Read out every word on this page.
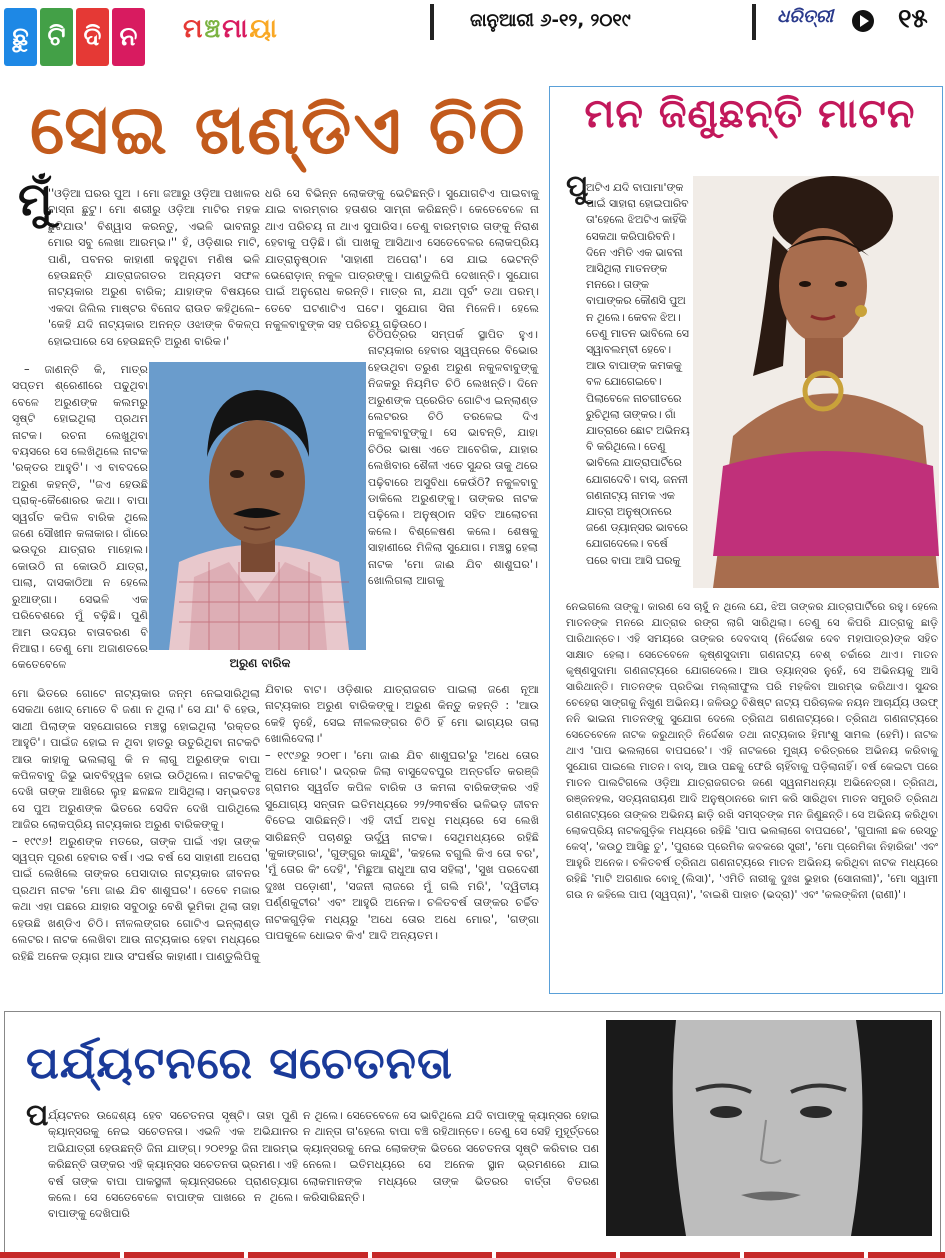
ଛୁ ଟି ଦି ନ ମଞ୍ଚମାୟା	ଜାନୁଆରୀ ୬-୧୨, ୨୦୧୯	ଧରିତ୍ରୀ ୧୫
ସେଇ ଖଣ୍ଡିଏ ଚିଠି
ମୁଁ

''ଓଡ଼ିଆ ଘରର ପୁଅ । ମୋ ଜଆରୁ ଓଡ଼ିଆ ପଖାଳର ବାସ୍ନା ଛୁଟୁ। ମୋ ଶରୀରୁ ଓଡ଼ିଆ ମାଟିର ମହକ ଛୁଟିଯାଉ' ବିଶ୍ୱାସ କରନ୍ତୁ, ଏଭଳି ଭାବନାରୁ ମୋର ସବୁ ଲେଖା ଆରମ୍ଭ।'' ହଁ, ଓଡ଼ିଶାର ମାଟି, ପାଣି, ପବନର କାହାଣୀ କହୁଥିବା ମଣିଷ ଭଳି ହେଉଛନ୍ତି ଯାତ୍ରାଜଗତର ଅନ୍ୟତମ ସଫଳ ନାଟ୍ୟକାର ଅରୁଣ ବାରିକ; ଯାହାଙ୍କ ବିଷୟରେ ଏକଦା ଜିଲିଲ ମାଷ୍ଟର ବିନୋଦ ରାଉତ କହିଥିଲେ– 'କେହି ଯଦି ନାଟ୍ୟକାର ଅନନ୍ତ ଓଝାଙ୍କ ବିକଳ୍ପ ହୋଇପାରେ ସେ ହେଉଛନ୍ତି ଅରୁଣ ବାରିକ।'

– ଜାଣନ୍ତି କି, ମାତ୍ର ସପ୍ତମ ଶ୍ରେଣୀରେ ପଢୁଥିବା ବେଳେ ଅରୁଣଙ୍କ କଲମରୁ ସୃଷ୍ଟି ହୋଇଥିଲା ପ୍ରଥମ ନାଟକ। ରଚନା ଲେଖୁଥିବା ବୟସରେ ସେ ଲେଖିଥିଲେ ନାଟକ 'ରକ୍ତର ଆହୁତି'। ଏ ବାବଦରେ ଅରୁଣ କହନ୍ତି, ''ଜଏ ହେଉଛି ପ୍ରାକ୍-କୈଶୋରର କଥା। ବାପା ସ୍ୱର୍ଗତ କପିଳ ବାରିକ ଥିଲେ ଜଣେ ସୌଖୀନ କଳାକାର। ଗାଁରେ ଭଉଦୂର ଯାତ୍ରାର ମାହୋଲ। କୋଉଠି ନା କୋଉଠି ଯାତ୍ରା, ପାଲା, ଦାସକାଠିଆ ନ ହେଲେ ରୁଆଙ୍ଗା। ସେଭଳି ଏକ ପରିବେଶରେ ମୁଁ ବଢ଼ିଛି। ପୁଣି ଆମ ଉଦୟର ବାତାବରଣ ବି ନିଆରା। ତେଣୁ ମୋ ଅଜାଣତରେ କେତେବେଳେ

ମୋ ଭିତରେ ଗୋଟେ ନାଟ୍ୟକାର ଜନ୍ମ ନେଇସାରିଥିଲା ସେକଥା ଖୋଦ୍ ମୋତେ ବି ଜଣା ନ ଥିଲା।' ସେ ଯା' ବି ହେଉ, ସାଥୀ ପିଲାଙ୍କ ସହଯୋଗରେ ମଞ୍ଚସ୍ଥ ହୋଇଥିଲା 'ରକ୍ତର ଆହୁତି'। ପାଇଁଜ ହୋଇ ନ ଥିବା ହାତରୁ ଉତୁରିଥିବା ନାଟକଟି ଆଉ କାହାକୁ ଭଲଲାଗୁ କି ନ ଲାଗୁ ଅରୁଣଙ୍କ ବାପା କପିଳବାବୁ ଜିଭୁ ଭାବବିହ୍ୱଳ ହୋଇ ଉଠିଥିଲେ। ନାଟକଟିକୁ ଦେଖି ତାଙ୍କ ଆଖିରେ ଲୁହ ଛଳଛଳ ଆସିଥିଲା। ସମ୍ଭବତଃ ସେ ପୁଅ ଅରୁଣଙ୍କ ଭିତରେ ସେଦିନ ଦେଖି ପାରିଥିଲେ ଆଜିର ଲୋକପ୍ରିୟ ନାଟ୍ୟକାର ଅରୁଣ ବାରିକଙ୍କୁ।
– ୧୯୯୬! ଅରୁଣଙ୍କ ମତରେ, ତାଙ୍କ ପାଇଁ ଏହା ତାଙ୍କ ସ୍ୱପ୍ନ ପୂରଣ ହେବାର ବର୍ଷ। ଏଇ ବର୍ଷ ସେ ସାହାଣୀ ଅପେରା ପାଇଁ ଲେଖିଲେ ତାଙ୍କର ପେସାଦାର ନାଟ୍ୟକାର ଜୀବନର ପ୍ରଥମ ନାଟକ 'ମୋ ଜାଈ ଯିବ ଶାଶୁଘର'। ତେବେ ମଜାର କଥା ଏହା ପଛରେ ଯାହାର ସବୁଠାରୁ ବେଶି ଭୂମିକା ଥିଲା ତାହା ହେଉଛି ଖଣ୍ଡିଏ ଚିଠି। ନୀଳଲଙ୍ଗର ଗୋଟିଏ ଇନ୍‌ଲାଣ୍ଡ ଲେଟର। ନାଟକ ଲେଖିବା ଆଉ ନାଟ୍ୟକାର ହେବା ମଧ୍ୟରେ ରହିଛି ଅନେକ ତ୍ୟାଗ ଆଉ ସଂଘର୍ଷର କାହାଣୀ। ପାଣ୍ଡୁଲିପିକୁ

ଧରି ସେ ବିଭିନ୍ନ ଲୋକଙ୍କୁ ଭେଟିଛନ୍ତି। ସୁଯୋଗଟିଏ ପାଇବାକୁ ଯାଇ ବାରମ୍ବାର ହତାଶର ସାମ୍ନା କରିଛନ୍ତି। କେତେବେଳେ ନା ଥାଏ ପରିଚୟ ନା ଥାଏ ସୁପାରିସ। ତେଣୁ ବାରମ୍ବାର ତାଙ୍କୁ ନିରାଶ ହେବାକୁ ପଡ଼ିଛି। ଗାଁ ପାଖକୁ ଆସିଥାଏ ସେତେବେଳର ଲୋକପ୍ରିୟ ଯାତ୍ରାନୁଷ୍ଠାନ 'ସାହାଣୀ ଅପେରା'। ସେ ଯାଇ ଭେଟନ୍ତି ଭେରୋଡ଼ାନ୍ ନକୁଳ ପାତ୍ରଙ୍କୁ। ପାଣ୍ଡୁଲିପି ଦେଖାନ୍ତି। ସୁଯୋଗ ପାଇଁ ଅନୁରୋଧ କରନ୍ତି। ମାତ୍ର ନା, ଯଥା ପୂର୍ବଂ ତଥା ପରମ୍। ତେବେ ଘଟଣାଟିଏ ଘଟେ। ସୁଯୋଗ ସିନା ମିଳେନି। ହେଲେ ନକୁଳବାବୁଙ୍କ ସହ ପରିଚୟ ଗଢ଼ିଉଠେ।

ଚିଠିପତ୍ରର ସମ୍ପର୍କ ସ୍ଥାପିତ ହୁଏ। ନାଟ୍ୟକାର ହେବାର ସ୍ୱପ୍ନରେ ବିଭୋର ହେଉଥିବା ତରୁଣ ଅରୁଣ ନକୁଳବାବୁଙ୍କୁ ନିଜକରୁ ନିୟମିତ ଚିଠି ଲେଖନ୍ତି। ଦିନେ ଅରୁଣଙ୍କ ପ୍ରେରିତ ଗୋଟିଏ ଇନ୍‌ଲାଣ୍ଡ ଲେଟରର ଚିଠି ତରଳେଇ ଦିଏ ନକୁଳବାବୁଙ୍କୁ। ସେ ଭାବନ୍ତି, ଯାହା ଚିଠିର ଭାଷା ଏତେ ଆବେଗିକ, ଯାହାର ଲେଖିବାର ଶୈଳୀ ଏତେ ସୁନ୍ଦର ତାକୁ ଥରେ ପଢ଼ିବାରେ ଅସୁବିଧା କେଉଁଠି? ନକୁଳବାବୁ ଡାକିଲେ ଅରୁଣଙ୍କୁ। ତାଙ୍କର ନାଟକ ପଢ଼ିଲେ। ଅନୁଷ୍ଠାନ ସହିତ ଆଲୋଚନା କଲେ। ବିଶ୍ଳେଷଣ କଲେ। ଶେଷକୁ ସାହାଣୀରେ ମିଳିଲା ସୁଯୋଗ। ମଞ୍ଚସ୍ଥ ହେଲା ନାଟକ 'ମୋ ଜାଈ ଯିବ ଶାଶୁଘର'। ଖୋଲିଗଲା ଆଗକୁ

ଯିବାର ବାଟ। ଓଡ଼ିଶାର ଯାତ୍ରାଜଗତ ପାଇଲା ଜଣେ ନୂଆ ନାଟ୍ୟକାର ଅରୁଣ ବାରିକଙ୍କୁ। ଅରୁଣ କିନ୍ତୁ କହନ୍ତି : 'ଆଉ କେହି ନୁହେଁ, ସେଇ ନୀଳଲଙ୍ଗର ଚିଠି ହିଁ ମୋ ଭାଗ୍ୟର ତାଲା ଖୋଲିଦେଲା।'
– ୧୯୯୬ରୁ ୨୦୧୮। 'ମୋ ଜାଈ ଯିବ ଶାଶୁଘର'ରୁ 'ଅଧେ ତୋର ଅଧେ ମୋର'। ଭଦ୍ରକ ଜିଲା ବାସୁଦେବପୁର ଅନ୍ତର୍ଗତ କରଞ୍ଜି ଗ୍ରାମର ସ୍ୱର୍ଗତ କପିଳ ବାରିକ ଓ କମଳା ବାରିକଙ୍କର ଏହି ସୁଯୋଗ୍ୟ ସନ୍ତାନ ଇତିମଧ୍ୟରେ ୨୨/୨୩ବର୍ଷର ଭଳିଭଡ଼ ଜୀବନ ବିତେଇ ସାରିଛନ୍ତି। ଏହି ଦୀର୍ଘ ଅବଧି ମଧ୍ୟରେ ସେ ଲେଖି ସାରିଛନ୍ତି ପଚାଶରୁ ଊର୍ଦ୍ଧ୍ୱ ନାଟକ। ସେଥିମଧ୍ୟରେ ରହିଛି 'କୁକାଙ୍ଗାର', 'ଗୁଙ୍ଗୁର କାନ୍ଦୁଛି', 'କହଲେ ବଗୁଲି କିଏ ତୋ ବର', 'ମୁଁ ତୋର କିଂ ଦେହି', 'ମିଛୁଆ ରାଧୁଆ ରାସ ସହିଲା', 'ସୁଖ ପରଦେଶୀ ଦୁଃଖ ପଡ଼ୋଶୀ', 'ସଜନୀ ଲାଜରେ ମୁଁ ଗଲି ମରି', 'ଦ୍ୱିତୀୟ ପର୍ଣ୍ଣକୁଟୀର' ଏବଂ ଆହୁରି ଅନେକ। ଚଳିତବର୍ଷ ତାଙ୍କର ଚର୍ଚ୍ଚିତ ନାଟକଗୁଡ଼ିକ ମଧ୍ୟରୁ 'ଅଧେ ତୋର ଅଧେ ମୋର', 'ଗଙ୍ଗା ପାପକୁଳେ ଧୋଇବ କିଏ' ଆଦି ଅନ୍ୟତମ।

ଅରୁଣ ବାରିକ
ମନ ଜିଣୁଛନ୍ତି ମାଟନ
ପୁ

ଅଟିଏ ଯଦି ବାପାମା'ଙ୍କ ପାଇଁ ସାହାରା ହୋଇପାରିବ ତା'ହେଲେ ଝିଅଟିଏ କାହିଁକି ସେକଥା କରିପାରିବନି। ଦିନେ ଏମିତି ଏକ ଭାବନା ଆସିଥିଲା ମାତନଙ୍କ ମନରେ। ତାଙ୍କ ବାପାଙ୍କର କୌଣସି ପୁଅ ନ ଥିଲେ। କେବଳ ଝିଅ। ତେଣୁ ମାତନ ଭାବିଲେ ସେ ସ୍ୱାବଲମ୍ବୀ ହେବେ। ଆଉ ବାପାଙ୍କ କମକକୁ ବଳ ଯୋଗେଇବେ। ପିଲାବେଳେ ନାଚଗୀତରେ ରୁଚିଥିଲା ତାଙ୍କର। ଗାଁ ଯାତ୍ରାରେ ଛୋଟ ଅଭିନୟ ବି କରିଥିଲେ। ତେଣୁ ଭାବିଲେ ଯାତ୍ରାପାର୍ଟିରେ ଯୋଗଦେବି। ବାସ୍, ଜନନୀ ଗଣନାଟ୍ୟ ନାମକ ଏକ ଯାତ୍ରା ଅନୁଷ୍ଠାନରେ ଜଣେ ଡ୍ୟାନ୍ସର ଭାବରେ ଯୋଗଦେଲେ। ବର୍ଷେ ପରେ ବାପା ଆସି ଘରକୁ

ନେଇଗଲେ ତାଙ୍କୁ। କାରଣ ସେ ଚାହୁଁ ନ ଥିଲେ ଯେ, ଝିଅ ତାଙ୍କର ଯାତ୍ରାପାର୍ଟିରେ ରହୁ। ହେଲେ ମାତନଙ୍କ ମନରେ ଯାତ୍ରାର ରଙ୍ଗ ଲାଗି ସାରିଥିଲା। ତେଣୁ ସେ କିପରି ଯାତ୍ରାକୁ ଛାଡ଼ି ପାରିଥାନ୍ତେ। ଏହି ସମୟରେ ତାଙ୍କର ଦେବଦାସ୍ (ନିର୍ଦ୍ଦେଶକ ଦେବ ମହାପାତ୍ର)ଙ୍କ ସହିତ ସାକ୍ଷାତ ହେଲା। ସେତେବେଳେ କୃଷ୍ଣସୁଦାମା ଗଣନାଟ୍ୟ ବେଶ୍ ଚର୍ଚ୍ଚାରେ ଥାଏ। ମାତନ କୃଷ୍ଣସୁଦାମା ଗଣନାଟ୍ୟରେ ଯୋଗଦେଲେ। ଆଉ ଡ୍ୟାନ୍ସର ନୁହେଁ, ସେ ଅଭିନୟକୁ ଆସି ସାରିଥାନ୍ତି। ମାତନଙ୍କ ପ୍ରତିଭା ମଲ୍ଲୀଫୁଲ ପରି ମହକିବା ଆରମ୍ଭ କରିଥାଏ। ସୁନ୍ଦର ଚେହେରା ସାଙ୍ଗକୁ ନିଖୁଣ ଅଭିନୟ। ଜଳିଉଠୁ ବିଶିଷ୍ଟ ନାଟ୍ୟ ପରିଚାଳକ ନୟନ ଆଚାର୍ଯ୍ୟ ଓରଫ୍ ନନି ଭାଇନା ମାତନଙ୍କୁ ସୁଯୋଗ ଦେଲେ ତ୍ରିନାଥ ଗଣନାଟ୍ୟରେ। ତ୍ରିନାଥ ଗଣନାଟ୍ୟରେ ସେତେବେଳେ ନାଟକ କରୁଥାନ୍ତି ନିର୍ଦ୍ଦେଶକ ତଥା ନାଟ୍ୟକାର ହିମାଂଶୁ ସାମଲ (ହେମି)। ନାଟକ ଥାଏ 'ପାପ ଭଲଲାଗେ ବାପଘରେ'। ଏହି ନାଟକରେ ମୁଖ୍ୟ ଚରିତ୍ରରେ ଅଭିନୟ କରିବାକୁ ସୁଯୋଗ ପାଇଲେ ମାତନ। ବାସ୍, ଆଉ ପଛକୁ ଫେରି ଚାହିଁବାକୁ ପଡ଼ିଲାନାହିଁ। ବର୍ଷ କେଇଟା ପରେ ମାତନ ପାଲଟିଗଲେ ଓଡ଼ିଆ ଯାତ୍ରାଜଗତର ଜଣେ ସ୍ୱନାମଧନ୍ୟା ଅଭିନେତ୍ରୀ। ତ୍ରିନାଥ, ରଞ୍ଜନହଲ, ସତ୍ୟନାରାୟଣ ଆଦି ଅନୁଷ୍ଠାନରେ କାମ କରି ସାରିଥିବା ମାତନ ସମ୍ପ୍ରତି ତ୍ରିନାଥ ଗଣନାଟ୍ୟରେ ତାଙ୍କର ଅଭିନୟ ଛାଡ଼ି ରଖି ସମସ୍ତଙ୍କ ମନ ଜିଣୁଛନ୍ତି। ସେ ଅଭିନୟ କରିଥିବା ଲୋକପ୍ରିୟ ନାଟକଗୁଡ଼ିକ ମଧ୍ୟରେ ରହିଛି 'ପାପ ଭଲଲାଗେ ବାପଘରେ', 'ଗୁପାଲୀ ଛକ ରେସ୍ତୁ କେସ୍', 'କଉଠୁ ଆସିଛୁ ତୁ', 'ପୁରାରେ ପ୍ରେମିକ କବକରେ ସ୍ତ୍ରୀ', 'ମୋ ପ୍ରେମିକା ନିହାରିକା' ଏବଂ ଆହୁରି ଅନେକ। ଚଳିତବର୍ଷ ତ୍ରିନାଥ ଗଣନାଟ୍ୟରେ ମାତନ ଅଭିନୟ କରିଥିବା ନାଟକ ମଧ୍ୟରେ ରହିଛି 'ମାଟି ଅଗଣାର ବୋହୂ (ଲିସା)', 'ଏମିତି ନାରୀକୁ ଦୁଃଖ ଭୁହାର (ସୋନାଲୀ)', 'ମୋ ସ୍ୱାମୀ ଗଉ ନ କହିଲେ ପାପ (ସ୍ୱପ୍ନା)', 'ବାଇଶି ପାହାଚ (ଭଦ୍ରା)' ଏବଂ 'କଲଙ୍କିନୀ (ରାଣୀ)'।

ପର୍ଯ୍ୟଟନରେ ସଚେତନତା
ପ ର୍ଯ୍ୟଟନର ଉଦ୍ଦେଶ୍ୟ ହେବ ସଚେତନତା ସୃଷ୍ଟି। ତାହା ପୁଣି କ୍ୟାନ୍ସରକୁ ନେଇ ସଚେତନତା। ଏଭଳି ଏକ ଅଭିଯାନର ଅଭିଯାତ୍ରୀ ହେଉଛନ୍ତି ଜିନା ଯାଙ୍ଗ୍। ୨୦୧୨ରୁ ଜିନା ଆରମ୍ଭ କରିଛନ୍ତି ତାଙ୍କର ଏହି କ୍ୟାନ୍ସର ସଚେତନତା ଭ୍ରମଣ। ଏହି ବର୍ଷ ତାଙ୍କ ବାପା ପାକସ୍ଥଳୀ କ୍ୟାନ୍ସରରେ ପ୍ରାଣତ୍ୟାଗ କଲେ। ସେ ସେତେବେଳେ ବାପାଙ୍କ ପାଖରେ ନ ଥିଲେ। ବାପାଙ୍କୁ ଦେଖିପାରି

ନ ଥିଲେ। ସେତେବେଳେ ସେ ଭାବିଥିଲେ ଯଦି ବାପାଙ୍କୁ କ୍ୟାନ୍ସର ହୋଇ ନ ଥାନ୍ତା ତା'ହେଲେ ବାପା ବଞ୍ଚି ରହିଥାନ୍ତେ। ତେଣୁ ସେ ସେହି ମୁହୂର୍ତ୍ତରେ କ୍ୟାନ୍ସରକୁ ନେଇ ଲୋକଙ୍କ ଭିତରେ ସଚେତନତା ସୃଷ୍ଟି କରିବାର ପଣ ନେଲେ। ଇତିମଧ୍ୟରେ ସେ ଅନେକ ସ୍ଥାନ ଭ୍ରମଣରେ ଯାଇ ଲୋକମାନଙ୍କ ମଧ୍ୟରେ ତାଙ୍କ ଭିତରର ବାର୍ତ୍ତା ବିତରଣ କରିସାରିଛନ୍ତି।
